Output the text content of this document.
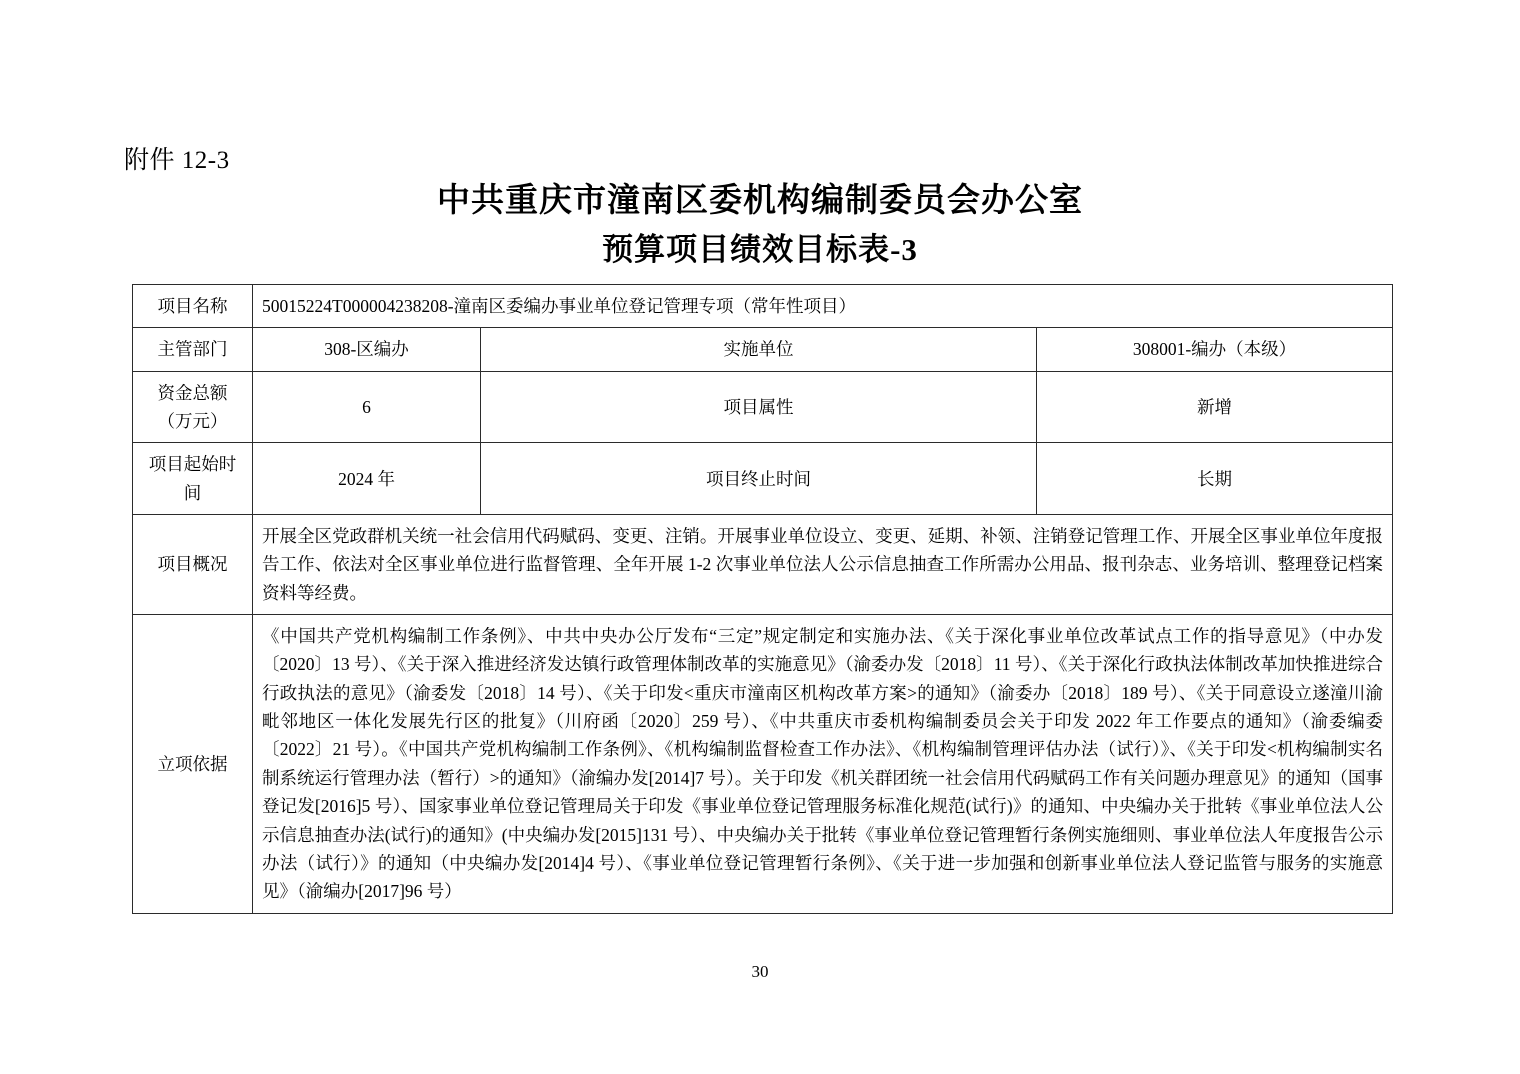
附件 12-3
中共重庆市潼南区委机构编制委员会办公室
预算项目绩效目标表-3
项目名称	50015224T000004238208-潼南区委编办事业单位登记管理专项（常年性项目）		
主管部门	308-区编办	实施单位	308001-编办（本级）
资金总额（万元）	6	项目属性	新增
项目起始时间	2024 年	项目终止时间	长期
项目概况	开展全区党政群机关统一社会信用代码赋码、变更、注销。开展事业单位设立、变更、延期、补领、注销登记管理工作、开展全区事业单位年度报告工作、依法对全区事业单位进行监督管理、全年开展 1-2 次事业单位法人公示信息抽查工作所需办公用品、报刊杂志、业务培训、整理登记档案资料等经费。		
立项依据	《中国共产党机构编制工作条例》、中共中央办公厅发布“三定”规定制定和实施办法、《关于深化事业单位改革试点工作的指导意见》（中办发〔2020〕13 号）、《关于深入推进经济发达镇行政管理体制改革的实施意见》（渝委办发〔2018〕11 号）、《关于深化行政执法体制改革加快推进综合行政执法的意见》（渝委发〔2018〕14 号）、《关于印发<重庆市潼南区机构改革方案>的通知》（渝委办〔2018〕189 号）、《关于同意设立遂潼川渝毗邻地区一体化发展先行区的批复》（川府函〔2020〕259 号）、《中共重庆市委机构编制委员会关于印发 2022 年工作要点的通知》（渝委编委〔2022〕21 号）。《中国共产党机构编制工作条例》、《机构编制监督检查工作办法》、《机构编制管理评估办法（试行）》、《关于印发<机构编制实名制系统运行管理办法（暂行）>的通知》（渝编办发[2014]7 号）。关于印发《机关群团统一社会信用代码赋码工作有关问题办理意见》的通知（国事登记发[2016]5 号）、国家事业单位登记管理局关于印发《事业单位登记管理服务标准化规范(试行)》的通知、中央编办关于批转《事业单位法人公示信息抽查办法(试行)的通知》(中央编办发[2015]131 号）、中央编办关于批转《事业单位登记管理暂行条例实施细则、事业单位法人年度报告公示办法（试行）》的通知（中央编办发[2014]4 号）、《事业单位登记管理暂行条例》、《关于进一步加强和创新事业单位法人登记监管与服务的实施意见》（渝编办[2017]96 号）		
30
